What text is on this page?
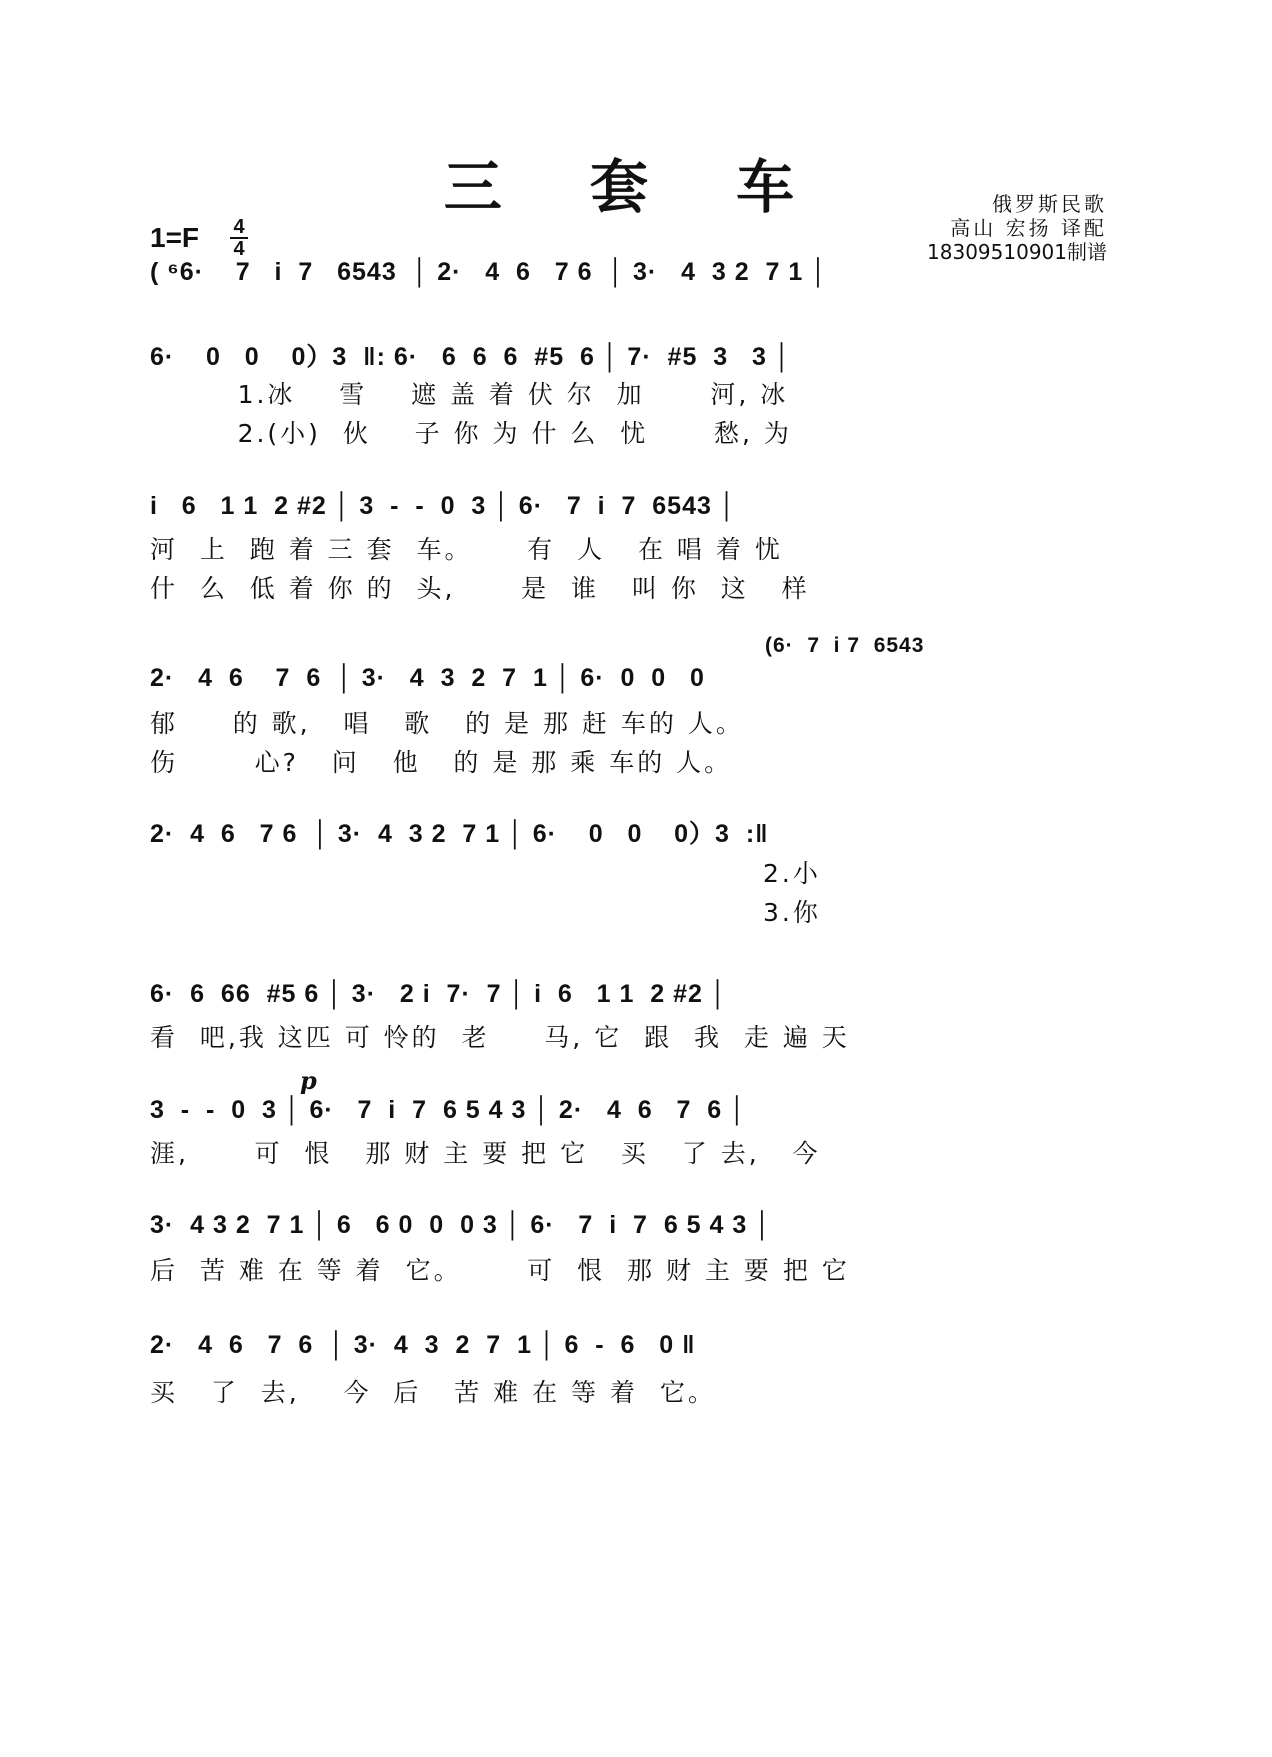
三 套 车
1=F 4
4
俄罗斯民歌
高山 宏扬 译配
18309510901制谱
( ⁶6·    7   i  7   6543  │ 2·   4  6   7 6  │ 3·   4  3 2  7 1 │
6·    0   0    0）3  ‖: 6·   6  6  6  #5  6 │ 7·  #5  3   3 │
1.冰    雪    遮 盖 着 伏 尔  加      河, 冰
2.(小)  伙    子 你 为 什 么  忧      愁, 为
i   6   1 1  2 #2 │ 3  -  -  0  3 │ 6·   7  i  7  6543 │
河  上  跑 着 三 套  车。     有  人   在 唱 着 忧
什  么  低 着 你 的  头,      是  谁   叫 你  这   样
(6·  7  i 7  6543
2·   4  6    7  6  │ 3·   4  3  2  7  1 │ 6·  0  0   0
郁     的 歌,   唱   歌   的 是 那 赶 车的 人。
伤       心?   问   他   的 是 那 乘 车的 人。
2·  4  6   7 6  │ 3·  4  3 2  7 1 │ 6·    0   0    0）3  :‖
2.小
3.你
6·  6  66  #5 6 │ 3·   2 i  7·  7 │ i  6   1 1  2 #2 │
看  吧,我 这匹 可 怜的  老     马, 它  跟  我  走 遍 天
p
3  -  -  0  3 │ 6·   7  i  7  6 5 4 3 │ 2·   4  6   7  6 │
涯,      可  恨   那 财 主 要 把 它   买   了 去,   今
3·  4 3 2  7 1 │ 6   6 0  0  0 3 │ 6·   7  i  7  6 5 4 3 │
后  苦 难 在 等 着  它。      可  恨  那 财 主 要 把 它
2·   4  6   7  6  │ 3·  4  3  2  7  1 │ 6  -  6   0 ‖
买   了  去,    今  后   苦 难 在 等 着  它。
